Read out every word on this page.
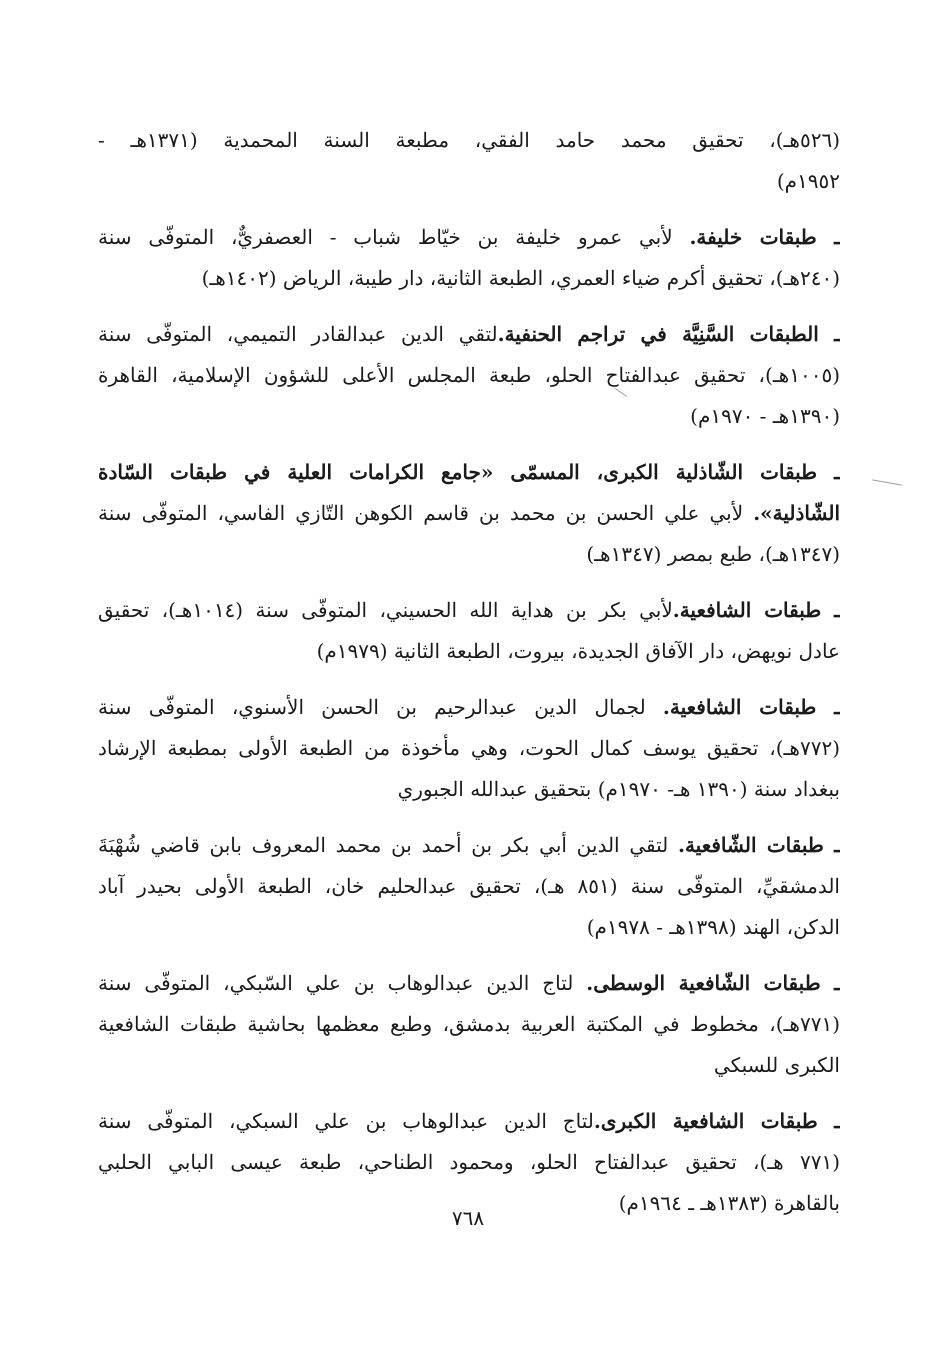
(٥٢٦هـ)، تحقيق محمد حامد الفقي، مطبعة السنة المحمدية (١٣٧١هـ -
١٩٥٢م)
ـ طبقات خليفة. لأبي عمرو خليفة بن خيّاط شباب - العصفريٌّ، المتوفّى سنة
(٢٤٠هـ)، تحقيق أكرم ضياء العمري، الطبعة الثانية، دار طيبة، الرياض (١٤٠٢هـ)
ـ الطبقات السَّنِيَّة في تراجم الحنفية.لتقي الدين عبدالقادر التميمي، المتوفّى سنة
(١٠٠٥هـ)، تحقيق عبدالفتاح الحلو، طبعة المجلس الأعلى للشؤون الإسلامية، القاهرة
(١٣٩٠هـ - ١٩٧٠م)
ـ طبقات الشّاذلية الكبرى، المسمّى «جامع الكرامات العلية في طبقات السّادة
الشّاذلية». لأبي علي الحسن بن محمد بن قاسم الكوهن التّازي الفاسي، المتوفّى سنة
(١٣٤٧هـ)، طبع بمصر (١٣٤٧هـ)
ـ طبقات الشافعية.لأبي بكر بن هداية الله الحسيني، المتوفّى سنة (١٠١٤هـ)، تحقيق
عادل نويهض، دار الآفاق الجديدة، بيروت، الطبعة الثانية (١٩٧٩م)
ـ طبقات الشافعية. لجمال الدين عبدالرحيم بن الحسن الأسنوي، المتوفّى سنة
(٧٧٢هـ)، تحقيق يوسف كمال الحوت، وهي مأخوذة من الطبعة الأولى بمطبعة الإرشاد
ببغداد سنة (١٣٩٠ هـ- ١٩٧٠م) بتحقيق عبدالله الجبوري
ـ طبقات الشّافعية. لتقي الدين أبي بكر بن أحمد بن محمد المعروف بابن قاضي شُهْبَةَ
الدمشقيِّ، المتوفّى سنة (٨٥١ هـ)، تحقيق عبدالحليم خان، الطبعة الأولى بحيدر آباد
الدكن، الهند (١٣٩٨هـ - ١٩٧٨م)
ـ طبقات الشّافعية الوسطى. لتاج الدين عبدالوهاب بن علي السّبكي، المتوفّى سنة
(٧٧١هـ)، مخطوط في المكتبة العربية بدمشق، وطبع معظمها بحاشية طبقات الشافعية
الكبرى للسبكي
ـ طبقات الشافعية الكبرى.لتاج الدين عبدالوهاب بن علي السبكي، المتوفّى سنة
(٧٧١ هـ)، تحقيق عبدالفتاح الحلو، ومحمود الطناحي، طبعة عيسى البابي الحلبي
بالقاهرة (١٣٨٣هـ ـ ١٩٦٤م)
٧٦٨
